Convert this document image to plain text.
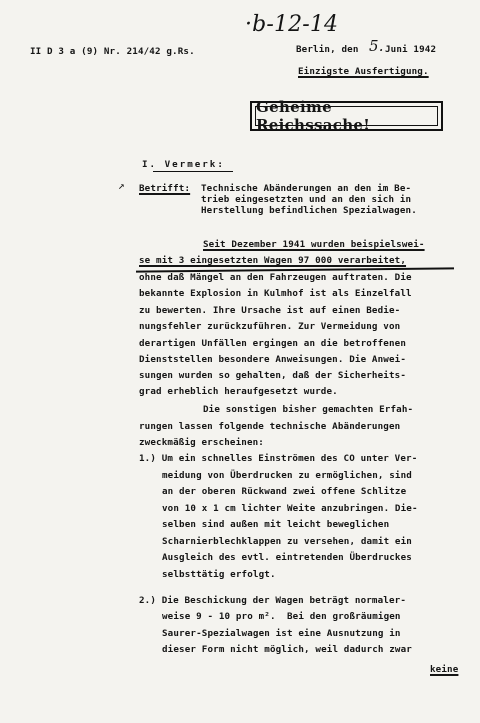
·b-12-14
II D 3 a (9) Nr. 214/42 g.Rs.	Berlin, den 5. Juni 1942
Einzigste Ausfertigung.
Geheime Reichssache!
I. Vermerk:
↗ Betrifft: Technische Abänderungen an den im Be-
trieb eingesetzten und an den sich in
Herstellung befindlichen Spezialwagen.
Seit Dezember 1941 wurden beispielswei-
se mit 3 eingesetzten Wagen 97 000 verarbeitet,
ohne daß Mängel an den Fahrzeugen auftraten. Die
bekannte Explosion in Kulmhof ist als Einzelfall
zu bewerten. Ihre Ursache ist auf einen Bedie-
nungsfehler zurückzuführen. Zur Vermeidung von
derartigen Unfällen ergingen an die betroffenen
Dienststellen besondere Anweisungen. Die Anwei-
sungen wurden so gehalten, daß der Sicherheits-
grad erheblich heraufgesetzt wurde.
Die sonstigen bisher gemachten Erfah-
rungen lassen folgende technische Abänderungen
zweckmäßig erscheinen:
1.) Um ein schnelles Einströmen des CO unter Ver-
meidung von Überdrucken zu ermöglichen, sind
an der oberen Rückwand zwei offene Schlitze
von 10 x 1 cm lichter Weite anzubringen. Die-
selben sind außen mit leicht beweglichen
Scharnierblechklappen zu versehen, damit ein
Ausgleich des evtl. eintretenden Überdruckes
selbsttätig erfolgt.
2.) Die Beschickung der Wagen beträgt normaler-
weise 9 - 10 pro m².  Bei den großräumigen
Saurer-Spezialwagen ist eine Ausnutzung in
dieser Form nicht möglich, weil dadurch zwar
keine
